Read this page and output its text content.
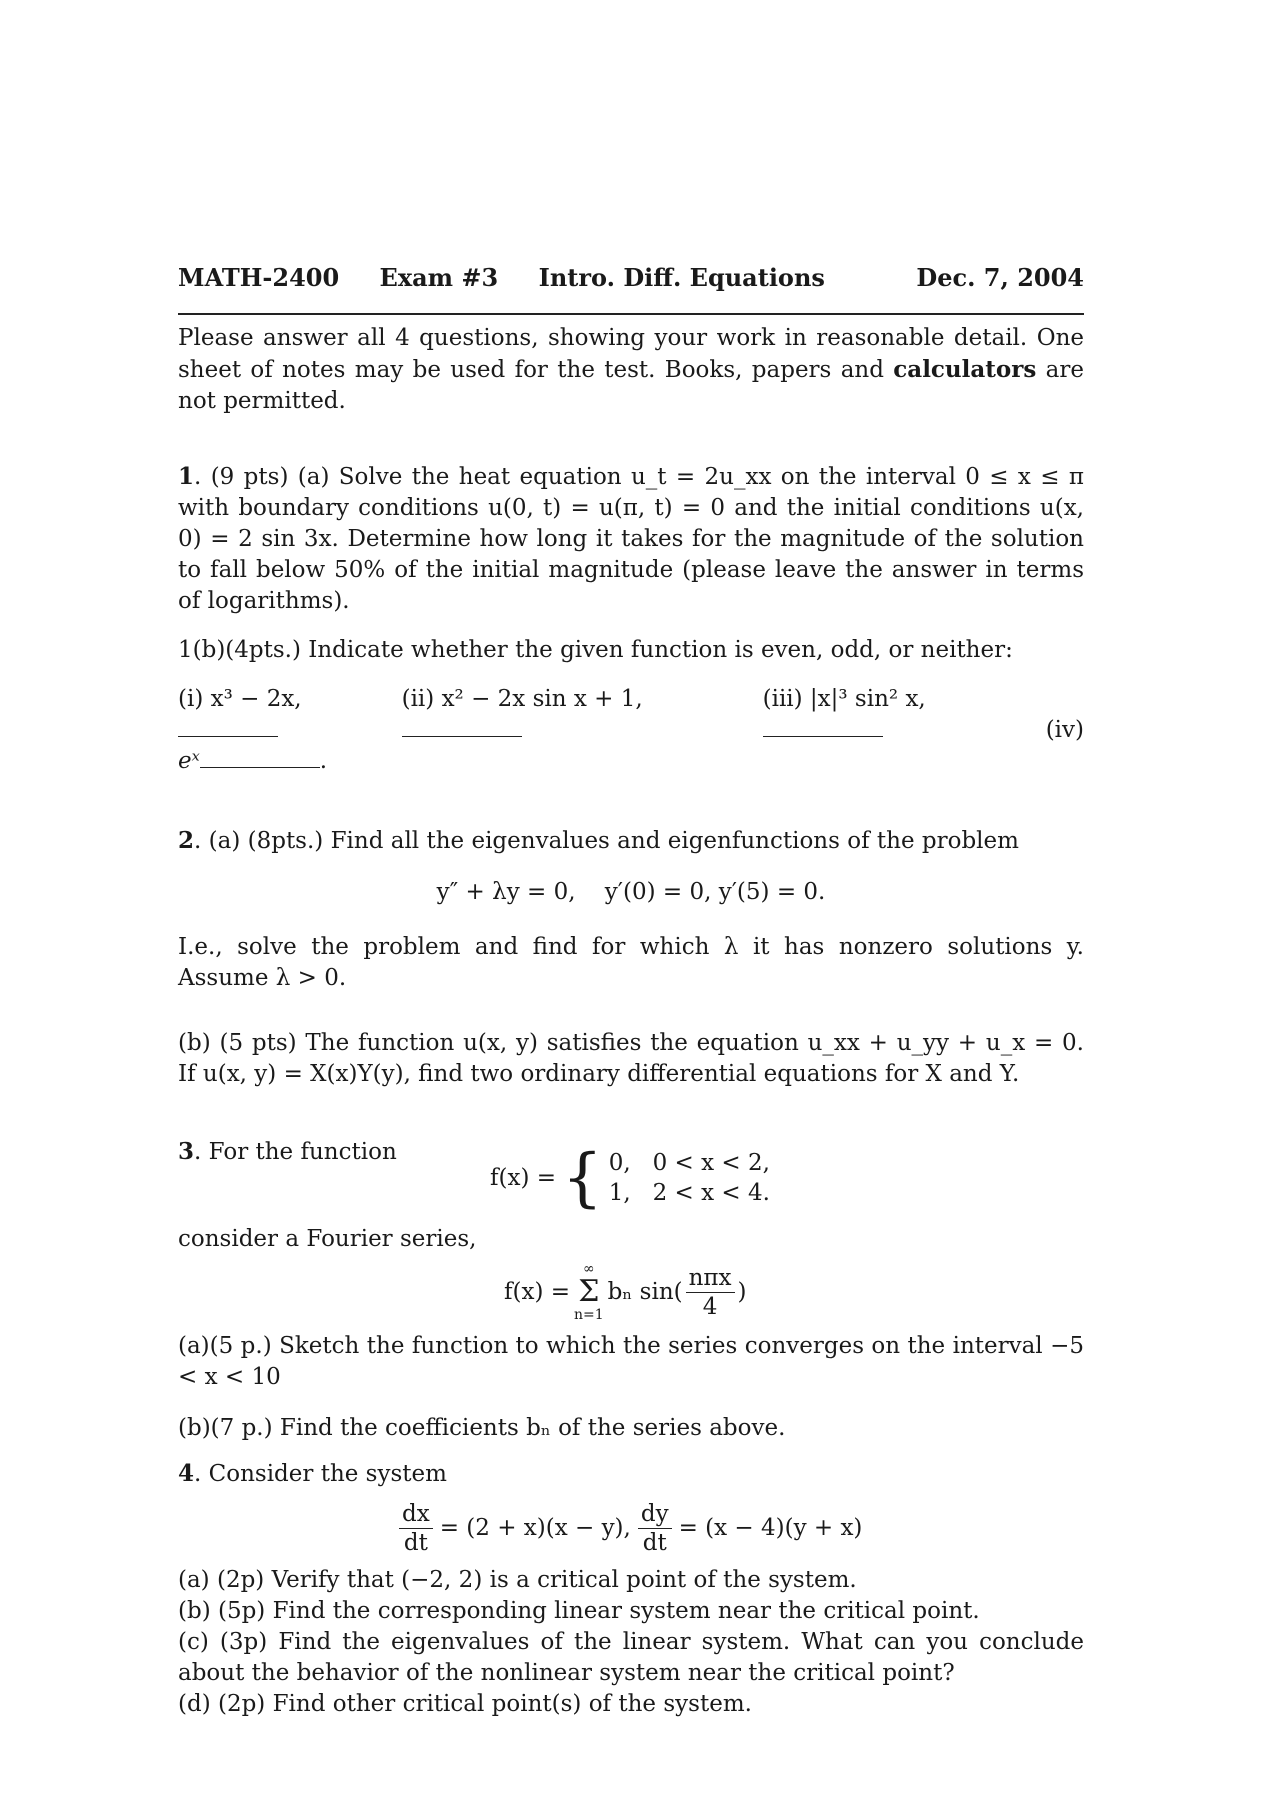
MATH-2400 Exam #3 Intro. Diff. Equations	Dec. 7, 2004

Please answer all 4 questions, showing your work in reasonable detail. One sheet of notes may be used for the test. Books, papers and calculators are not permitted.

1. (9 pts) (a) Solve the heat equation u_t = 2u_xx on the interval 0 ≤ x ≤ π with boundary conditions u(0, t) = u(π, t) = 0 and the initial conditions u(x, 0) = 2 sin 3x. Determine how long it takes for the magnitude of the solution to fall below 50% of the initial magnitude (please leave the answer in terms of logarithms).

1(b)(4pts.) Indicate whether the given function is even, odd, or neither:

(i) x³ − 2x,	(ii) x² − 2x sin x + 1,	(iii) |x|³ sin² x,
(iv)
eˣ	.

2. (a) (8pts.) Find all the eigenvalues and eigenfunctions of the problem

y″ + λy = 0,    y′(0) = 0, y′(5) = 0.

I.e., solve the problem and find for which λ it has nonzero solutions y. Assume λ > 0.

(b) (5 pts) The function u(x, y) satisfies the equation u_xx + u_yy + u_x = 0. If u(x, y) = X(x)Y(y), find two ordinary differential equations for X and Y.

3. For the function

f(x) = { 0,   0 < x < 2,
1,   2 < x < 4.

consider a Fourier series,

f(x) =
∞
Σ
n=1
bₙ $\sin( \frac{\text{nπx}}{4}$ )

(a)(5 p.) Sketch the function to which the series converges on the interval −5 < x < 10

(b)(7 p.) Find the coefficients bₙ of the series above.

4. Consider the system

$\frac{dx}{dt} = (2 + x)(x - y)$, $\frac{dy}{dt} = (x - 4)(y + x)$

(a) (2p) Verify that (−2, 2) is a critical point of the system.

(b) (5p) Find the corresponding linear system near the critical point.

(c) (3p) Find the eigenvalues of the linear system. What can you conclude about the behavior of the nonlinear system near the critical point?

(d) (2p) Find other critical point(s) of the system.
